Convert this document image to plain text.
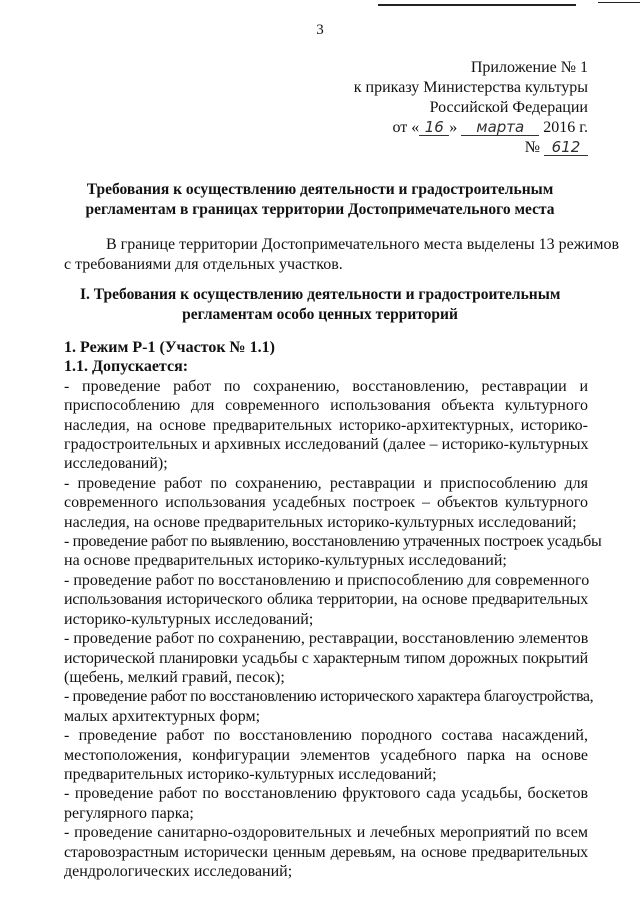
3
Приложение № 1
к приказу Министерства культуры
Российской Федерации
от « 16 » марта 2016 г.
№ 612
Требования к осуществлению деятельности и градостроительным
регламентам в границах территории Достопримечательного места
В границе территории Достопримечательного места выделены 13 режимов
с требованиями для отдельных участков.
I. Требования к осуществлению деятельности и градостроительным
регламентам особо ценных территорий
1. Режим Р-1 (Участок № 1.1)
1.1. Допускается:
- проведение работ по сохранению, восстановлению, реставрации и
приспособлению для современного использования объекта культурного
наследия, на основе предварительных историко-архитектурных, историко-
градостроительных и архивных исследований (далее – историко-культурных
исследований);
- проведение работ по сохранению, реставрации и приспособлению для
современного использования усадебных построек – объектов культурного
наследия, на основе предварительных историко-культурных исследований;
- проведение работ по выявлению, восстановлению утраченных построек усадьбы
на основе предварительных историко-культурных исследований;
- проведение работ по восстановлению и приспособлению для современного
использования исторического облика территории, на основе предварительных
историко-культурных исследований;
- проведение работ по сохранению, реставрации, восстановлению элементов
исторической планировки усадьбы с характерным типом дорожных покрытий
(щебень, мелкий гравий, песок);
- проведение работ по восстановлению исторического характера благоустройства,
малых архитектурных форм;
- проведение работ по восстановлению породного состава насаждений,
местоположения, конфигурации элементов усадебного парка на основе
предварительных историко-культурных исследований;
- проведение работ по восстановлению фруктового сада усадьбы, боскетов
регулярного парка;
- проведение санитарно-оздоровительных и лечебных мероприятий по всем
старовозрастным исторически ценным деревьям, на основе предварительных
дендрологических исследований;
